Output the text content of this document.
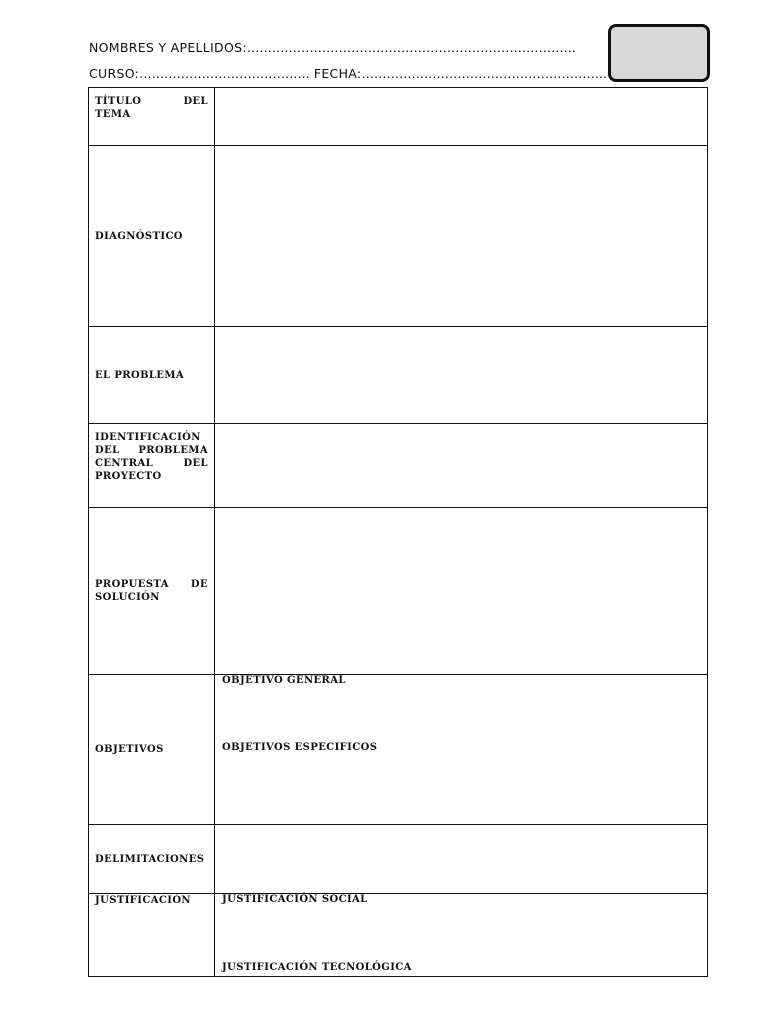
NOMBRES Y APELLIDOS:…………………………………………………………………….
CURSO:………………………………….. FECHA:…………………………………………………..
TÍTULO DEL TEMA	
DIAGNÓSTICO	
EL PROBLEMA	
IDENTIFICACIÓN DEL PROBLEMA CENTRAL DEL PROYECTO	
PROPUESTA DE SOLUCIÓN	
OBJETIVOS	OBJETIVO GENERAL
OBJETIVOS ESPECIFICOS

DELIMITACIONES	
JUSTIFICACIÓN	JUSTIFICACIÓN SOCIAL
JUSTIFICACIÓN TECNOLÓGICA
